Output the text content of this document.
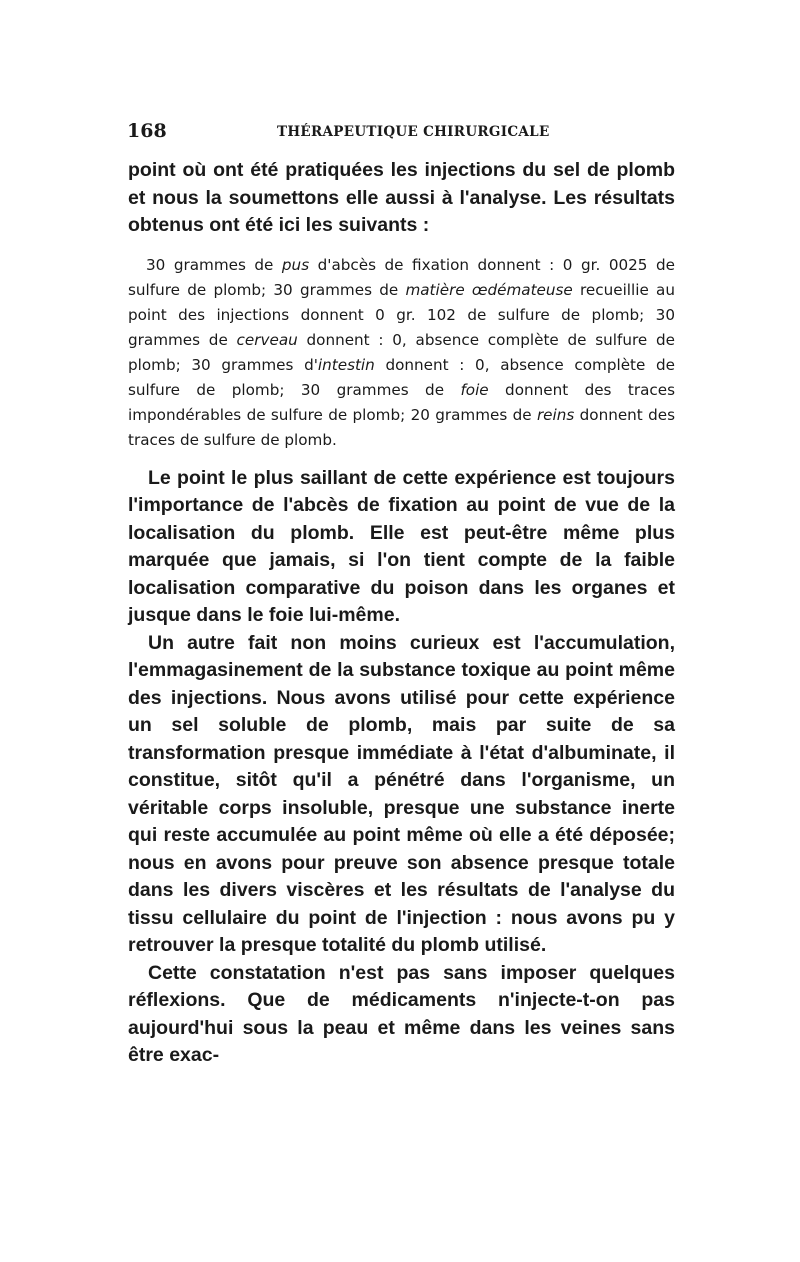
168	THÉRAPEUTIQUE CHIRURGICALE

point où ont été pratiquées les injections du sel de plomb et nous la soumettons elle aussi à l'analyse. Les résultats obtenus ont été ici les suivants :

30 grammes de pus d'abcès de fixation donnent : 0 gr. 0025 de sulfure de plomb; 30 grammes de matière œdémateuse recueillie au point des injections donnent 0 gr. 102 de sulfure de plomb; 30 grammes de cerveau donnent : 0, absence complète de sulfure de plomb; 30 grammes d'intestin donnent : 0, absence complète de sulfure de plomb; 30 grammes de foie donnent des traces impondérables de sulfure de plomb; 20 grammes de reins donnent des traces de sulfure de plomb.

Le point le plus saillant de cette expérience est toujours l'importance de l'abcès de fixation au point de vue de la localisation du plomb. Elle est peut-être même plus marquée que jamais, si l'on tient compte de la faible localisation comparative du poison dans les organes et jusque dans le foie lui-même.

Un autre fait non moins curieux est l'accumulation, l'emmagasinement de la substance toxique au point même des injections. Nous avons utilisé pour cette expérience un sel soluble de plomb, mais par suite de sa transformation presque immédiate à l'état d'albuminate, il constitue, sitôt qu'il a pénétré dans l'organisme, un véritable corps insoluble, presque une substance inerte qui reste accumulée au point même où elle a été déposée; nous en avons pour preuve son absence presque totale dans les divers viscères et les résultats de l'analyse du tissu cellulaire du point de l'injection : nous avons pu y retrouver la presque totalité du plomb utilisé.

Cette constatation n'est pas sans imposer quelques réflexions. Que de médicaments n'injecte-t-on pas aujourd'hui sous la peau et même dans les veines sans être exac-
